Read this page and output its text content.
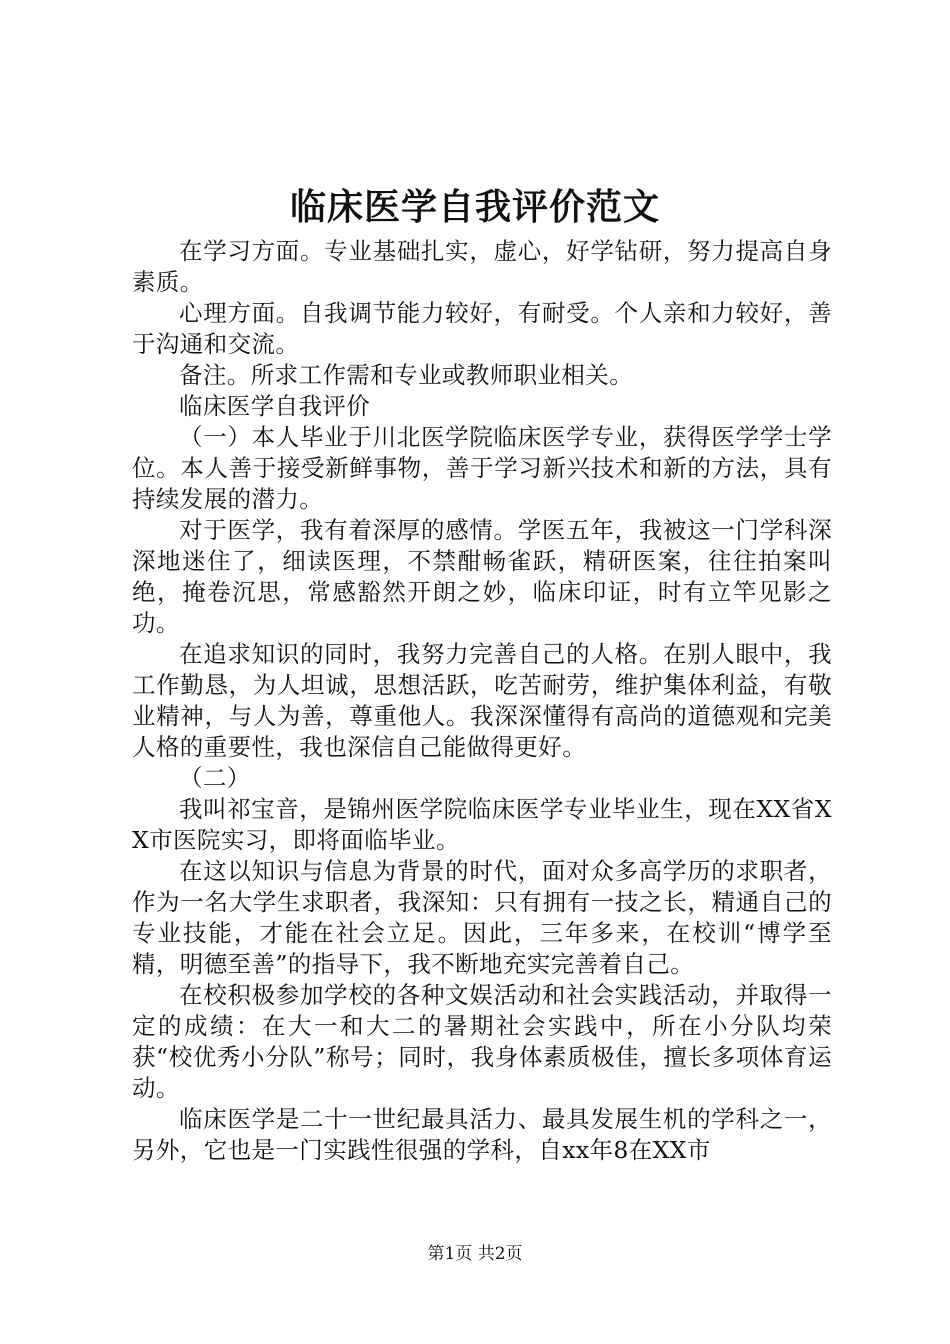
临床医学自我评价范文

在学习方面。专业基础扎实，虚心，好学钻研，努力提高自身素质。

心理方面。自我调节能力较好，有耐受。个人亲和力较好，善于沟通和交流。

备注。所求工作需和专业或教师职业相关。

临床医学自我评价

（一）本人毕业于川北医学院临床医学专业，获得医学学士学位。本人善于接受新鲜事物，善于学习新兴技术和新的方法，具有持续发展的潜力。

对于医学，我有着深厚的感情。学医五年，我被这一门学科深深地迷住了，细读医理，不禁酣畅雀跃，精研医案，往往拍案叫绝，掩卷沉思，常感豁然开朗之妙，临床印证，时有立竿见影之功。

在追求知识的同时，我努力完善自己的人格。在别人眼中，我工作勤恳，为人坦诚，思想活跃，吃苦耐劳，维护集体利益，有敬业精神，与人为善，尊重他人。我深深懂得有高尚的道德观和完美人格的重要性，我也深信自己能做得更好。

（二）

我叫祁宝音，是锦州医学院临床医学专业毕业生，现在XX省XX市医院实习，即将面临毕业。

在这以知识与信息为背景的时代，面对众多高学历的求职者，作为一名大学生求职者，我深知：只有拥有一技之长，精通自己的专业技能，才能在社会立足。因此，三年多来，在校训“博学至精，明德至善”的指导下，我不断地充实完善着自己。

在校积极参加学校的各种文娱活动和社会实践活动，并取得一定的成绩：在大一和大二的暑期社会实践中，所在小分队均荣获“校优秀小分队”称号；同时，我身体素质极佳，擅长多项体育运动。

临床医学是二十一世纪最具活力、最具发展生机的学科之一，另外，它也是一门实践性很强的学科，自xx年8在XX市

第1页 共2页
